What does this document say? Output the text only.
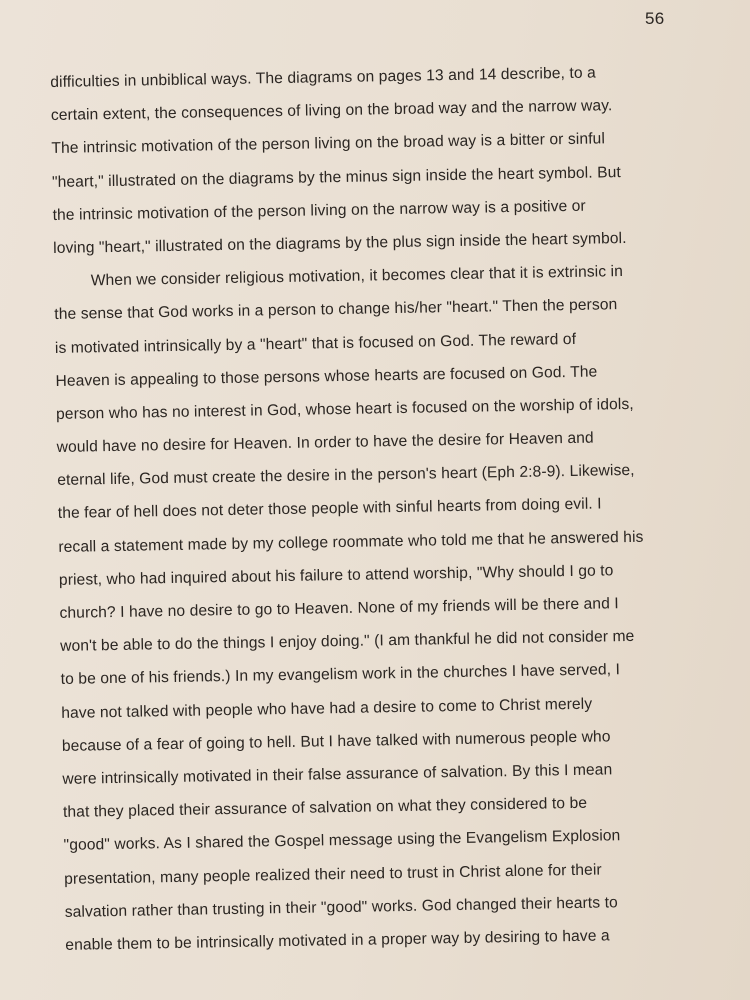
56
difficulties in unbiblical ways. The diagrams on pages 13 and 14 describe, to a
certain extent, the consequences of living on the broad way and the narrow way.
The intrinsic motivation of the person living on the broad way is a bitter or sinful
"heart," illustrated on the diagrams by the minus sign inside the heart symbol. But
the intrinsic motivation of the person living on the narrow way is a positive or
loving "heart," illustrated on the diagrams by the plus sign inside the heart symbol.
When we consider religious motivation, it becomes clear that it is extrinsic in
the sense that God works in a person to change his/her "heart." Then the person
is motivated intrinsically by a "heart" that is focused on God. The reward of
Heaven is appealing to those persons whose hearts are focused on God. The
person who has no interest in God, whose heart is focused on the worship of idols,
would have no desire for Heaven. In order to have the desire for Heaven and
eternal life, God must create the desire in the person's heart (Eph 2:8-9). Likewise,
the fear of hell does not deter those people with sinful hearts from doing evil. I
recall a statement made by my college roommate who told me that he answered his
priest, who had inquired about his failure to attend worship, "Why should I go to
church? I have no desire to go to Heaven. None of my friends will be there and I
won't be able to do the things I enjoy doing." (I am thankful he did not consider me
to be one of his friends.) In my evangelism work in the churches I have served, I
have not talked with people who have had a desire to come to Christ merely
because of a fear of going to hell. But I have talked with numerous people who
were intrinsically motivated in their false assurance of salvation. By this I mean
that they placed their assurance of salvation on what they considered to be
"good" works. As I shared the Gospel message using the Evangelism Explosion
presentation, many people realized their need to trust in Christ alone for their
salvation rather than trusting in their "good" works. God changed their hearts to
enable them to be intrinsically motivated in a proper way by desiring to have a
